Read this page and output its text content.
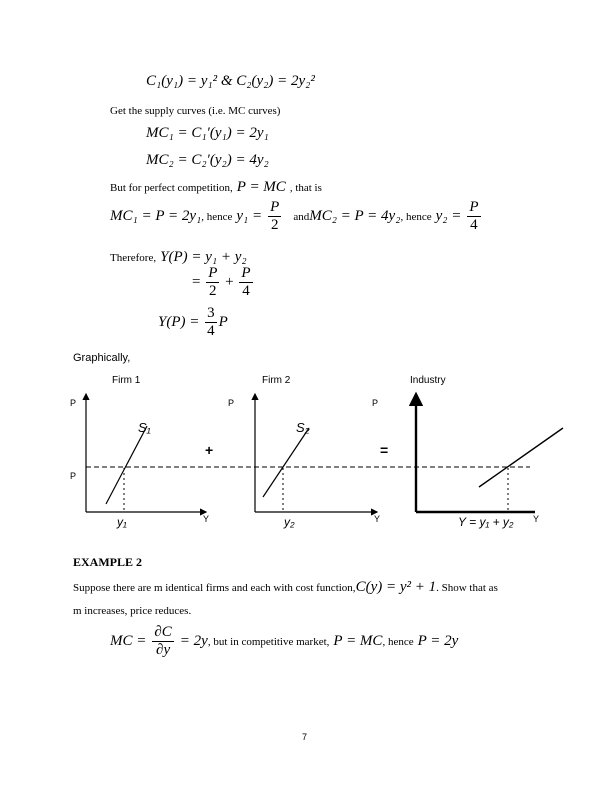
C₁(y₁) = y₁² & C₂(y₂) = 2y₂²
Get the supply curves (i.e. MC curves)
MC₁ = C₁′(y₁) = 2y₁
MC₂ = C₂′(y₂) = 4y₂
But for perfect competition, P = MC , that is
MC₁ = P = 2y₁, hence $y_1 = \frac{P}{2}$ andMC₂ = P = 4y₂, hence $y_2 = \frac{P}{4}$
Therefore, Y(P) = y₁ + y₂
= $\frac{P}{2} + \frac{P}{4}$
$Y(P) = \frac{3}{4}$ P
Graphically,
Firm 1	Firm 2	Industry
P
P
Y
S₁
y₁
+
P
Y
S₂
y₂
=
P
Y
Y = y₁ + y₂
EXAMPLE 2
Suppose there are m identical firms and each with cost function,C(y) = y² + 1. Show that as
m increases, price reduces.
MC = $\frac{\partial C}{\partial y} = 2y$, but in competitive market, P = MC, hence P = 2y
7
